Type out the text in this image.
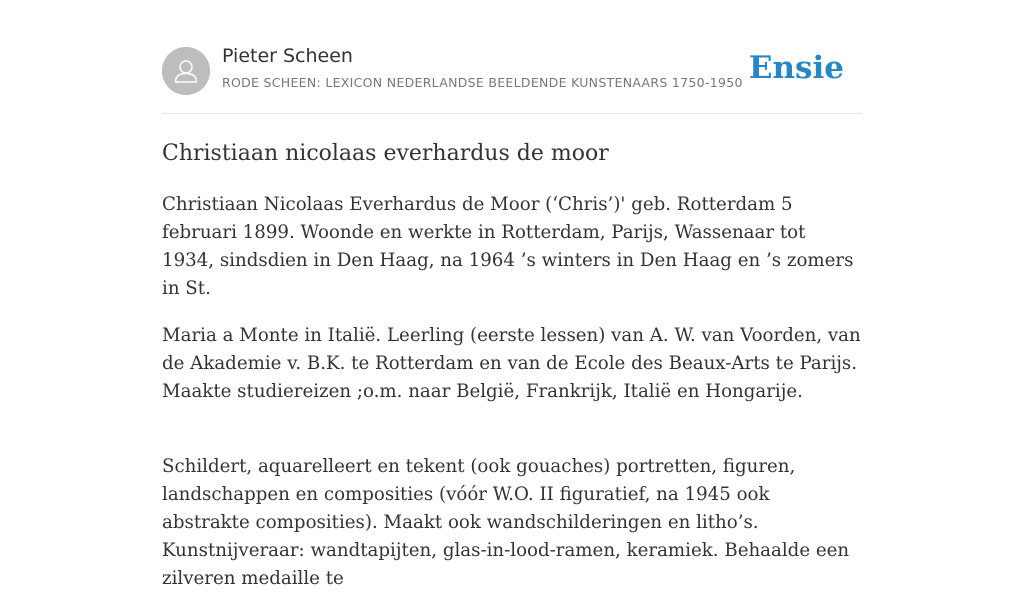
Pieter Scheen
RODE SCHEEN: LEXICON NEDERLANDSE BEELDENDE KUNSTENAARS 1750-1950 Ensie
Christiaan nicolaas everhardus de moor

Christiaan Nicolaas Everhardus de Moor (‘Chris’)' geb. Rotterdam 5 februari 1899. Woonde en werkte in Rotterdam, Parijs, Wassenaar tot 1934, sindsdien in Den Haag, na 1964 ’s winters in Den Haag en ’s zomers in St.

Maria a Monte in Italië. Leerling (eerste lessen) van A. W. van Voorden, van de Akademie v. B.K. te Rotterdam en van de Ecole des Beaux-Arts te Parijs. Maakte studiereizen ;o.m. naar België, Frankrijk, Italië en Hongarije.

Schildert, aquarelleert en tekent (ook gouaches) portretten, figuren, landschappen en composities (vóór W.O. II figuratief, na 1945 ook abstrakte composities). Maakt ook wandschilderingen en litho’s. Kunstnijveraar: wandtapijten, glas-in-lood-ramen, keramiek. Behaalde een zilveren medaille te
